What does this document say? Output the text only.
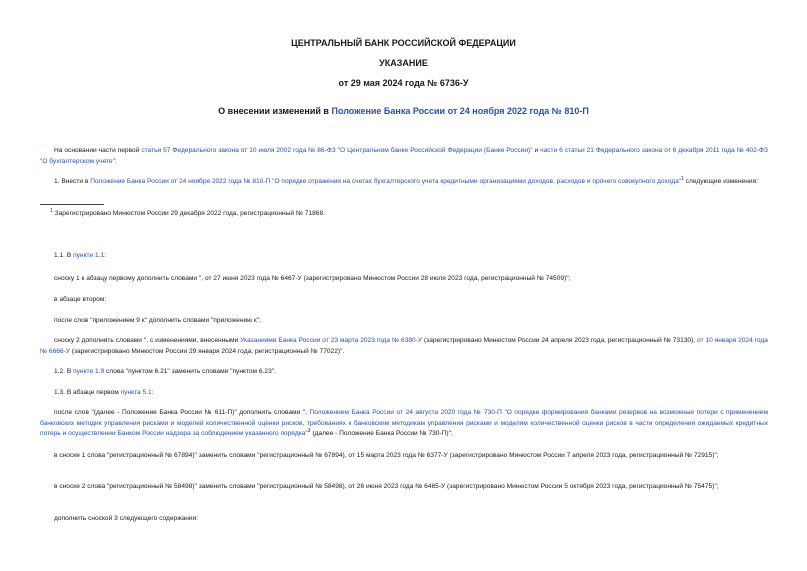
ЦЕНТРАЛЬНЫЙ БАНК РОССИЙСКОЙ ФЕДЕРАЦИИ
УКАЗАНИЕ
от 29 мая 2024 года № 6736-У
О внесении изменений в Положение Банка России от 24 ноября 2022 года № 810-П
На основании части первой статьи 57 Федерального закона от 10 июля 2002 года № 86-ФЗ "О Центральном банке Российской Федерации (Банке России)" и части 6 статьи 21 Федерального закона от 6 декабря 2011 года № 402-ФЗ "О бухгалтерском учете":
1. Внести в Положение Банка России от 24 ноября 2022 года № 810-П "О порядке отражения на счетах бухгалтерского учета кредитными организациями доходов, расходов и прочего совокупного дохода"$^1$ следующие изменения:
$^1$ Зарегистрировано Минюстом России 29 декабря 2022 года, регистрационный № 71868.
1.1. В пункте 1.1:
сноску 1 к абзацу первому дополнить словами ", от 27 июня 2023 года № 6467-У (зарегистрировано Минюстом России 28 июля 2023 года, регистрационный № 74509)";
в абзаце втором:
после слов "приложением 9 к" дополнить словами "приложению к";
сноску 2 дополнить словами ", с изменениями, внесенными Указаниями Банка России от 23 марта 2023 года № 6380-У (зарегистрировано Минюстом России 24 апреля 2023 года, регистрационный № 73130), от 10 января 2024 года № 6666-У (зарегистрировано Минюстом России 29 января 2024 года, регистрационный № 77022)".
1.2. В пункте 1.9 слова "пунктом 6.21" заменить словами "пунктом 6.23".
1.3. В абзаце первом пункта 5.1:
после слов "(далее - Положение Банка России № 611-П)" дополнить словами ", Положением Банка России от 24 августа 2020 года № 730-П "О порядке формирования банками резервов на возможные потери с применением банковских методик управления рисками и моделей количественной оценки рисков, требованиях к банковским методикам управления рисками и моделям количественной оценки рисков в части определения ожидаемых кредитных потерь и осуществлении Банком России надзора за соблюдением указанного порядка"$^3$ (далее - Положение Банка России № 730-П)";
в сноске 1 слова "регистрационный № 67894)" заменить словами "регистрационный № 67894), от 15 марта 2023 года № 6377-У (зарегистрировано Минюстом России 7 апреля 2023 года, регистрационный № 72915)";
в сноске 2 слова "регистрационный № 58498)" заменить словами "регистрационный № 58498), от 26 июня 2023 года № 6465-У (зарегистрировано Минюстом России 5 октября 2023 года, регистрационный № 75475)";
дополнить сноской 3 следующего содержания:
